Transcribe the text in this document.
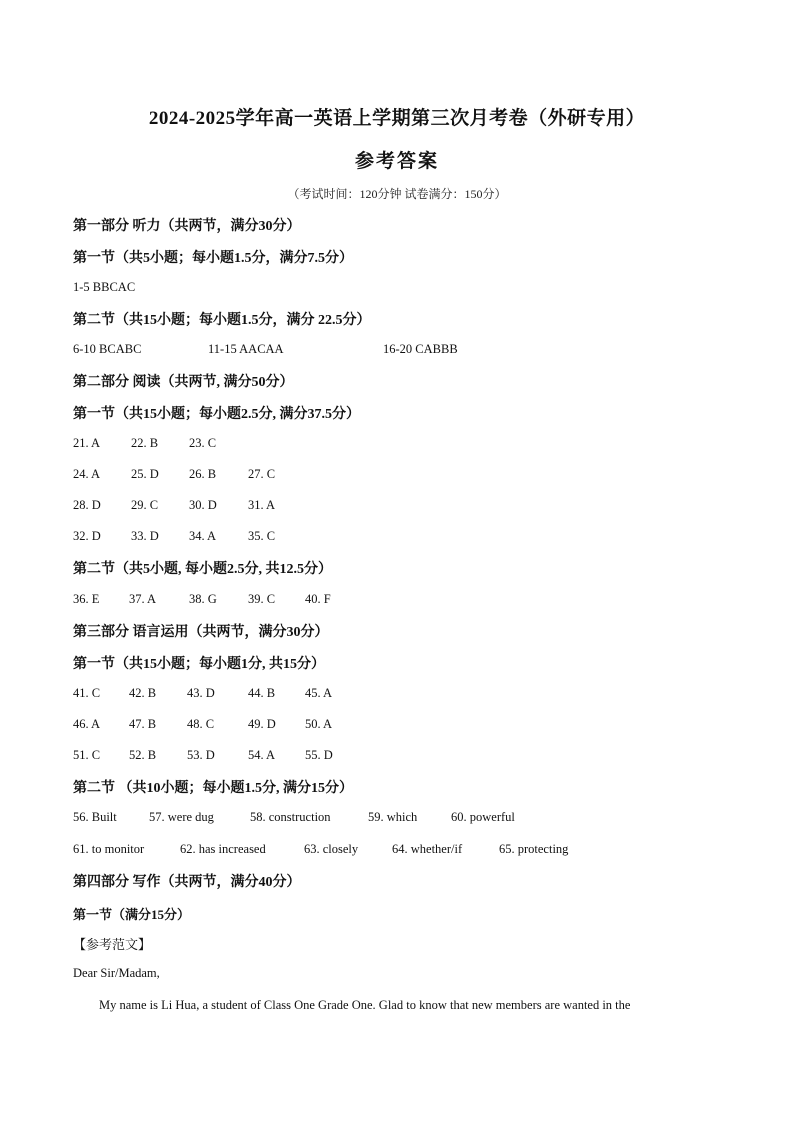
2024-2025学年高一英语上学期第三次月考卷（外研专用）
参考答案
（考试时间：120分钟 试卷满分：150分）
第一部分 听力（共两节，满分30分）
第一节（共5小题；每小题1.5分，满分7.5分）
1-5 BBCAC
第二节（共15小题；每小题1.5分，满分 22.5分）
6-10 BCABC	11-15 AACAA	16-20 CABBB
第二部分 阅读（共两节, 满分50分）
第一节（共15小题；每小题2.5分, 满分37.5分）
21. A 22. B 23. C
24. A 25. D 26. B	27. C
28. D 29. C 30. D 31. A
32. D 33. D 34. A	35. C
第二节（共5小题, 每小题2.5分, 共12.5分）
36. E 37. A	38. G 39. C 40. F
第三部分 语言运用（共两节，满分30分）
第一节（共15小题；每小题1分, 共15分）
41. C 42. B 43. D	44. B 45. A
46. A 47. B 48. C	49. D 50. A
51. C 52. B 53. D	54. A 55. D
第二节 （共10小题；每小题1.5分, 满分15分）
56. Built	57. were dug	58. construction	59. which	60. powerful
61. to monitor	62. has increased	63. closely	64. whether/if	65. protecting
第四部分 写作（共两节，满分40分）
第一节（满分15分）
【参考范文】
Dear Sir/Madam,
My name is Li Hua, a student of Class One Grade One. Glad to know that new members are wanted in the
